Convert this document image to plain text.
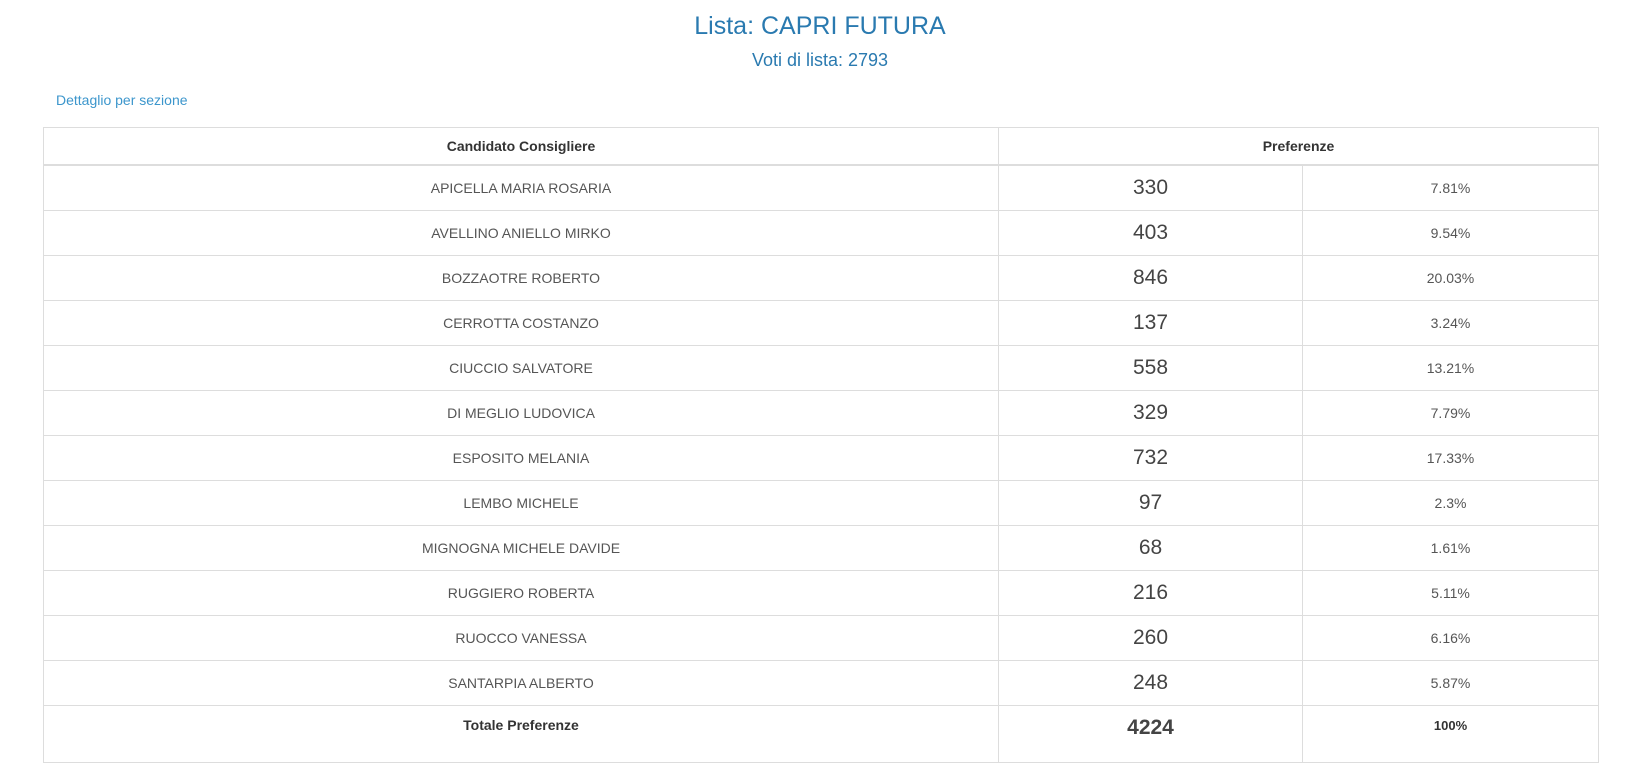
Lista: CAPRI FUTURA
Voti di lista: 2793
Dettaglio per sezione
Candidato Consigliere	Preferenze	
APICELLA MARIA ROSARIA	330	7.81%
AVELLINO ANIELLO MIRKO	403	9.54%
BOZZAOTRE ROBERTO	846	20.03%
CERROTTA COSTANZO	137	3.24%
CIUCCIO SALVATORE	558	13.21%
DI MEGLIO LUDOVICA	329	7.79%
ESPOSITO MELANIA	732	17.33%
LEMBO MICHELE	97	2.3%
MIGNOGNA MICHELE DAVIDE	68	1.61%
RUGGIERO ROBERTA	216	5.11%
RUOCCO VANESSA	260	6.16%
SANTARPIA ALBERTO	248	5.87%
Totale Preferenze	4224	100%
